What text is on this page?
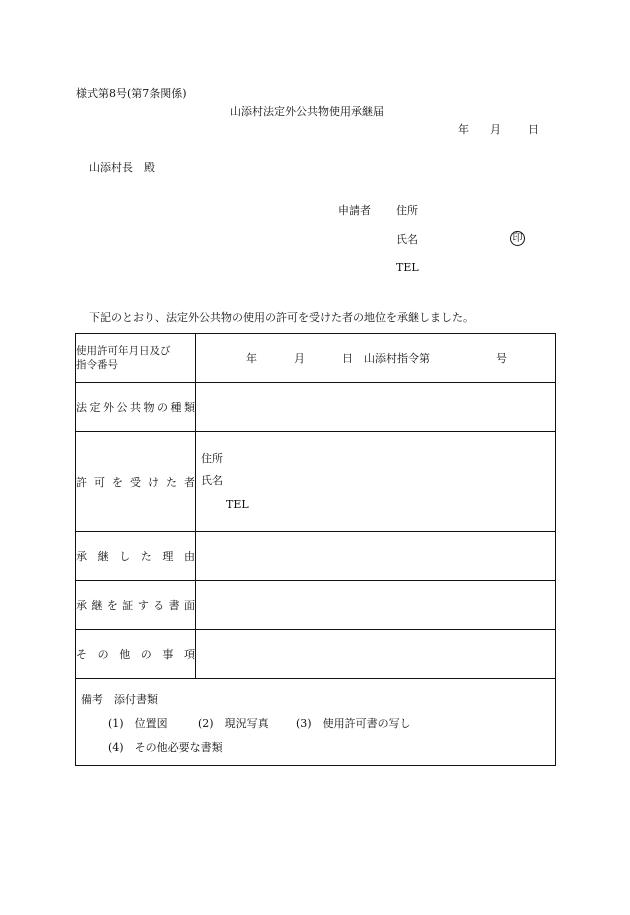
様式第8号(第7条関係)
山添村法定外公共物使用承継届
年 月 日
山添村長　殿
申請者 住所
氏名	印
TEL
下記のとおり、法定外公共物の使用の許可を受けた者の地位を承継しました。
使用許可年月日及び
指令番号	年 月 日 山添村指令第 号

法定外公共物の種類	

許可を受けた者	住所
氏名
TEL

承継した理由	

承継を証する書面	

その他の事項	

備考　添付書類
(1)　位置図 (2)　現況写真 (3)　使用許可書の写し
(4)　その他必要な書類	
